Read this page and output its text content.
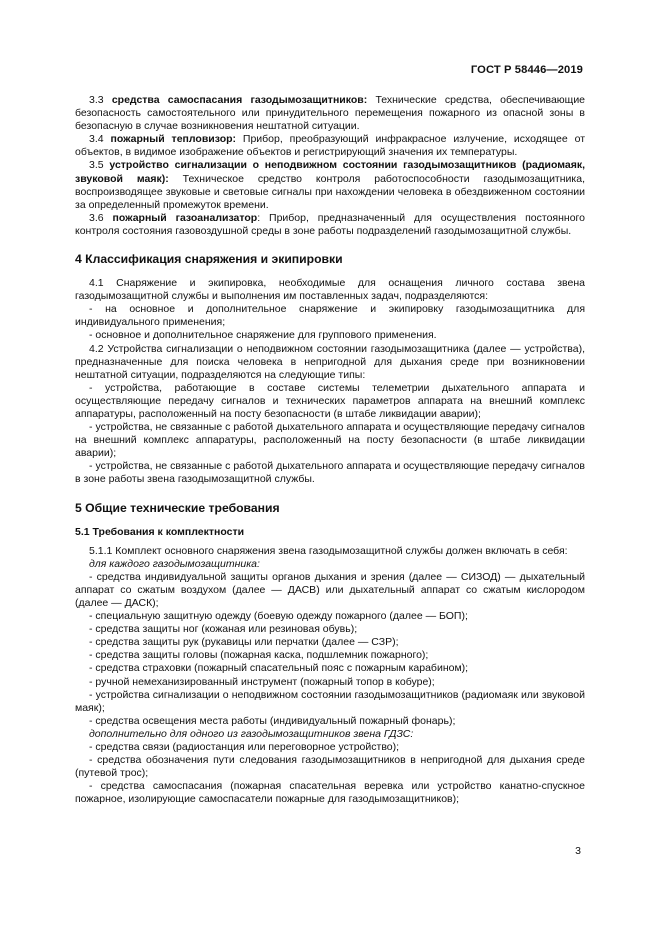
ГОСТ Р 58446—2019

3.3 средства самоспасания газодымозащитников: Технические средства, обеспечивающие безопасность самостоятельного или принудительного перемещения пожарного из опасной зоны в безопасную в случае возникновения нештатной ситуации.

3.4 пожарный тепловизор: Прибор, преобразующий инфракрасное излучение, исходящее от объектов, в видимое изображение объектов и регистрирующий значения их температуры.

3.5 устройство сигнализации о неподвижном состоянии газодымозащитников (радиомаяк, звуковой маяк): Техническое средство контроля работоспособности газодымозащитника, воспроизводящее звуковые и световые сигналы при нахождении человека в обездвиженном состоянии за определенный промежуток времени.

3.6 пожарный газоанализатор: Прибор, предназначенный для осуществления постоянного контроля состояния газовоздушной среды в зоне работы подразделений газодымозащитной службы.

4 Классификация снаряжения и экипировки

4.1 Снаряжение и экипировка, необходимые для оснащения личного состава звена газодымозащитной службы и выполнения им поставленных задач, подразделяются:

- на основное и дополнительное снаряжение и экипировку газодымозащитника для индивидуального применения;

- основное и дополнительное снаряжение для группового применения.

4.2 Устройства сигнализации о неподвижном состоянии газодымозащитника (далее — устройства), предназначенные для поиска человека в непригодной для дыхания среде при возникновении нештатной ситуации, подразделяются на следующие типы:

- устройства, работающие в составе системы телеметрии дыхательного аппарата и осуществляющие передачу сигналов и технических параметров аппарата на внешний комплекс аппаратуры, расположенный на посту безопасности (в штабе ликвидации аварии);

- устройства, не связанные с работой дыхательного аппарата и осуществляющие передачу сигналов на внешний комплекс аппаратуры, расположенный на посту безопасности (в штабе ликвидации аварии);

- устройства, не связанные с работой дыхательного аппарата и осуществляющие передачу сигналов в зоне работы звена газодымозащитной службы.

5 Общие технические требования

5.1 Требования к комплектности

5.1.1 Комплект основного снаряжения звена газодымозащитной службы должен включать в себя:

для каждого газодымозащитника:

- средства индивидуальной защиты органов дыхания и зрения (далее — СИЗОД) — дыхательный аппарат со сжатым воздухом (далее — ДАСВ) или дыхательный аппарат со сжатым кислородом (далее — ДАСК);

- специальную защитную одежду (боевую одежду пожарного (далее — БОП);

- средства защиты ног (кожаная или резиновая обувь);

- средства защиты рук (рукавицы или перчатки (далее — СЗР);

- средства защиты головы (пожарная каска, подшлемник пожарного);

- средства страховки (пожарный спасательный пояс с пожарным карабином);

- ручной немеханизированный инструмент (пожарный топор в кобуре);

- устройства сигнализации о неподвижном состоянии газодымозащитников (радиомаяк или звуковой маяк);

- средства освещения места работы (индивидуальный пожарный фонарь);

дополнительно для одного из газодымозащитников звена ГДЗС:

- средства связи (радиостанция или переговорное устройство);

- средства обозначения пути следования газодымозащитников в непригодной для дыхания среде (путевой трос);

- средства самоспасания (пожарная спасательная веревка или устройство канатно-спускное пожарное, изолирующие самоспасатели пожарные для газодымозащитников);

3
